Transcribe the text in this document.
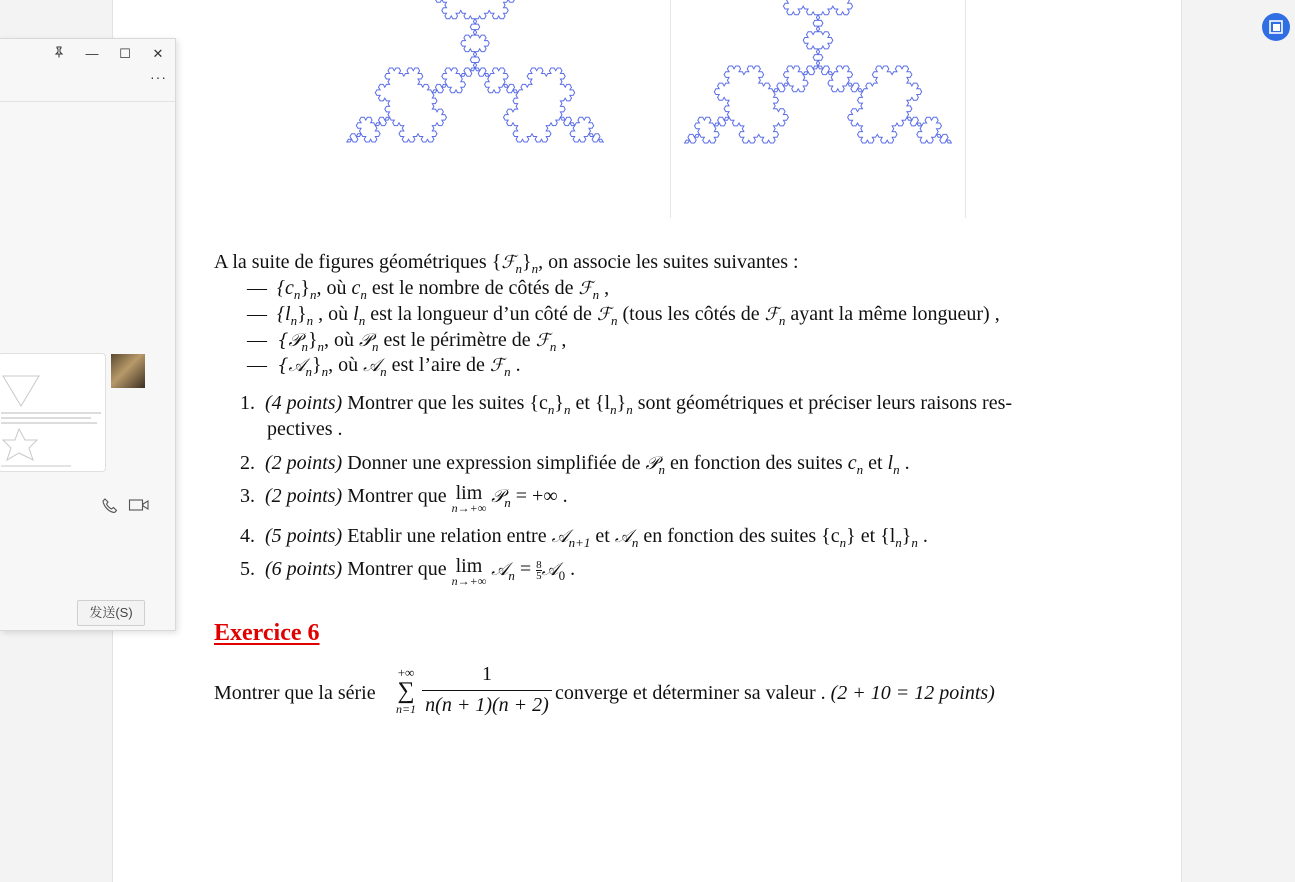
A la suite de figures géométriques $\{ℱ_n\}_n$, on associe les suites suivantes :
— $\{c_n\}_n$, où $c_n$ est le nombre de côtés de ℱ$_n$ ,
— $\{l_n\}_n$ , où $l_n$ est la longueur d’un côté de ℱ$_n$ (tous les côtés de ℱ$_n$ ayant la même longueur) ,
— $\{𝒫_n\}_n$, où 𝒫$_n$ est le périmètre de ℱ$_n$ ,
— $\{𝒜_n\}_n$, où 𝒜$_n$ est l’aire de ℱ$_n$ .
1. (4 points) Montrer que les suites $\{c_n\}_n$ et $\{l_n\}_n$ sont géométriques et préciser leurs raisons res-
pectives .
2. (2 points) Donner une expression simplifiée de 𝒫$_n$ en fonction des suites $c_n$ et $l_n$ .
3. (2 points) Montrer que lim
n→+∞
𝒫$_n$ = +∞ .
4. (5 points) Etablir une relation entre 𝒜$_{n+1}$ et 𝒜$_n$ en fonction des suites $\{c_n\}$ et $\{l_n\}_n$ .
5. (6 points) Montrer que lim
n→+∞
𝒜$_n$ = $\frac{8}{5}$ 𝒜$_0$ .
Exercice 6
Montrer que la série
+∞
∑
n=1
1
n(n + 1)(n + 2)
converge et déterminer sa valeur . (2 + 10 = 12 points)
— ☐ ✕
···
发送(S)
